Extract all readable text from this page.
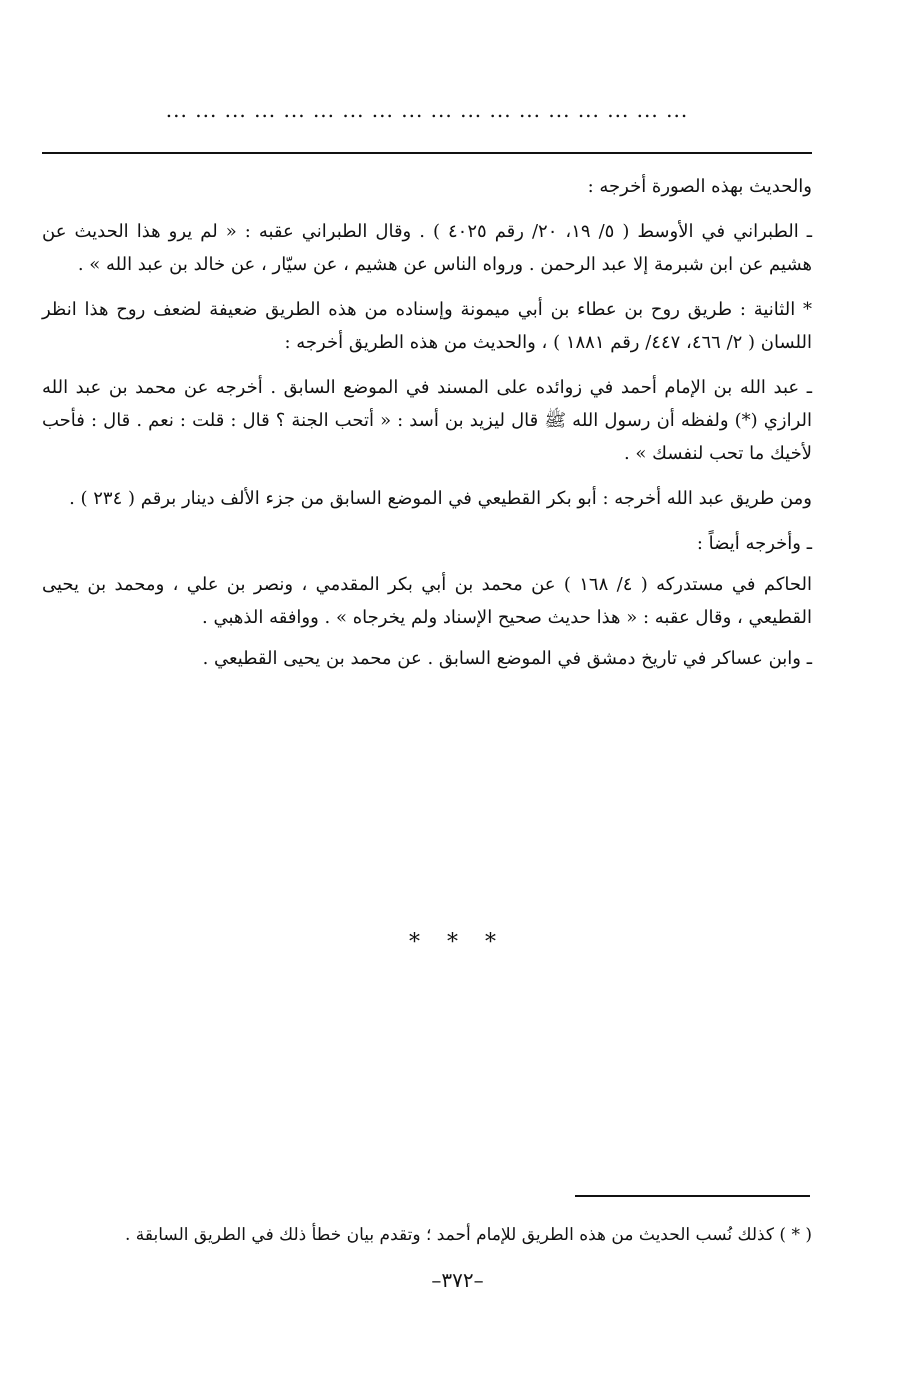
... ... ... ... ... ... ... ... ... ... ... ... ... ... ... ... ... ...

والحديث بهذه الصورة أخرجه :

ـ الطبراني في الأوسط ( ٥/ ١٩، ٢٠/ رقم ٤٠٢٥ ) . وقال الطبراني عقبه : « لم يرو هذا الحديث عن هشيم عن ابن شبرمة إلا عبد الرحمن . ورواه الناس عن هشيم ، عن سيّار ، عن خالد بن عبد الله » .

* الثانية : طريق روح بن عطاء بن أبي ميمونة وإسناده من هذه الطريق ضعيفة لضعف روح هذا انظر اللسان ( ٢/ ٤٦٦، ٤٤٧/ رقم ١٨٨١ ) ، والحديث من هذه الطريق أخرجه :

ـ عبد الله بن الإمام أحمد في زوائده على المسند في الموضع السابق . أخرجه عن محمد بن عبد الله الرازي (*) ولفظه أن رسول الله ﷺ قال ليزيد بن أسد : « أتحب الجنة ؟ قال : قلت : نعم . قال : فأحب لأخيك ما تحب لنفسك » .

ومن طريق عبد الله أخرجه : أبو بكر القطيعي في الموضع السابق من جزء الألف دينار برقم ( ٢٣٤ ) .

ـ وأخرجه أيضاً :

الحاكم في مستدركه ( ٤/ ١٦٨ ) عن محمد بن أبي بكر المقدمي ، ونصر بن علي ، ومحمد بن يحيى القطيعي ، وقال عقبه : « هذا حديث صحيح الإسناد ولم يخرجاه » . ووافقه الذهبي .

ـ وابن عساكر في تاريخ دمشق في الموضع السابق . عن محمد بن يحيى القطيعي .

* * *
( * ) كذلك نُسب الحديث من هذه الطريق للإمام أحمد ؛ وتقدم بيان خطأ ذلك في الطريق السابقة .
–٣٧٢–
